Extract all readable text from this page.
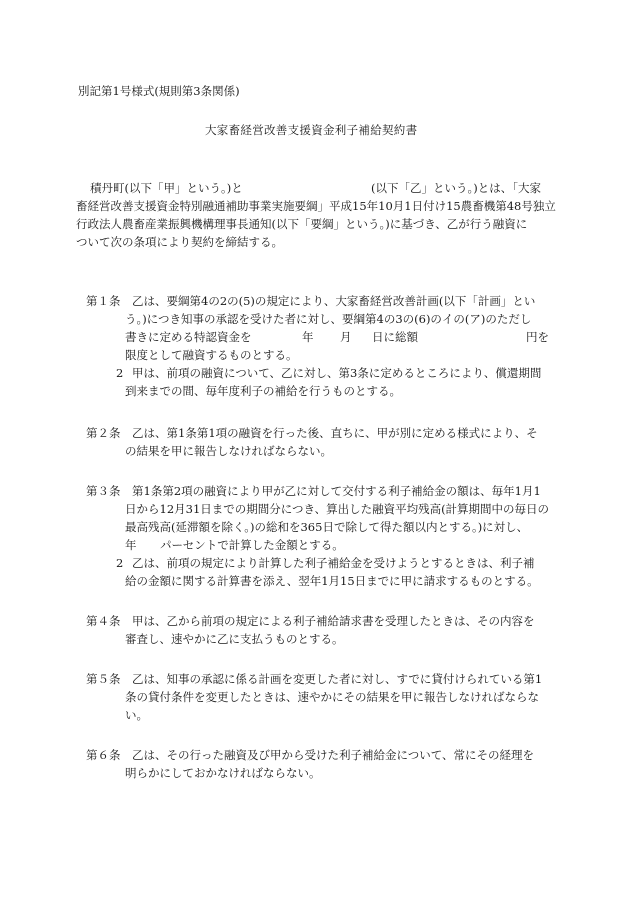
別記第1号様式(規則第3条関係)
大家畜経営改善支援資金利子補給契約書
積丹町(以下「甲」という。)と	(以下「乙」という。)とは、「大家
畜経営改善支援資金特別融通補助事業実施要綱」平成15年10月1日付け15農畜機第48号独立
行政法人農畜産業振興機構理事長通知(以下「要綱」という。)に基づき、乙が行う融資に
ついて次の条項により契約を締結する。
第１条 乙は、要綱第4の2の(5)の規定により、大家畜経営改善計画(以下「計画」とい
う。)につき知事の承認を受けた者に対し、要綱第4の3の(6)のイの(ア)のただし
書きに定める特認資金を	年 月 日に総額	円を
限度として融資するものとする。
2 甲は、前項の融資について、乙に対し、第3条に定めるところにより、償還期間
到来までの間、毎年度利子の補給を行うものとする。
第２条 乙は、第1条第1項の融資を行った後、直ちに、甲が別に定める様式により、そ
の結果を甲に報告しなければならない。
第３条 第1条第2項の融資により甲が乙に対して交付する利子補給金の額は、毎年1月1
日から12月31日までの期間分につき、算出した融資平均残高(計算期間中の毎日の
最高残高(延滞額を除く。)の総和を365日で除して得た額以内とする。)に対し、
年 パーセントで計算した金額とする。
2 乙は、前項の規定により計算した利子補給金を受けようとするときは、利子補
給の金額に関する計算書を添え、翌年1月15日までに甲に請求するものとする。
第４条 甲は、乙から前項の規定による利子補給請求書を受理したときは、その内容を
審査し、速やかに乙に支払うものとする。
第５条 乙は、知事の承認に係る計画を変更した者に対し、すでに貸付けられている第1
条の貸付条件を変更したときは、速やかにその結果を甲に報告しなければならな
い。
第６条 乙は、その行った融資及び甲から受けた利子補給金について、常にその経理を
明らかにしておかなければならない。
